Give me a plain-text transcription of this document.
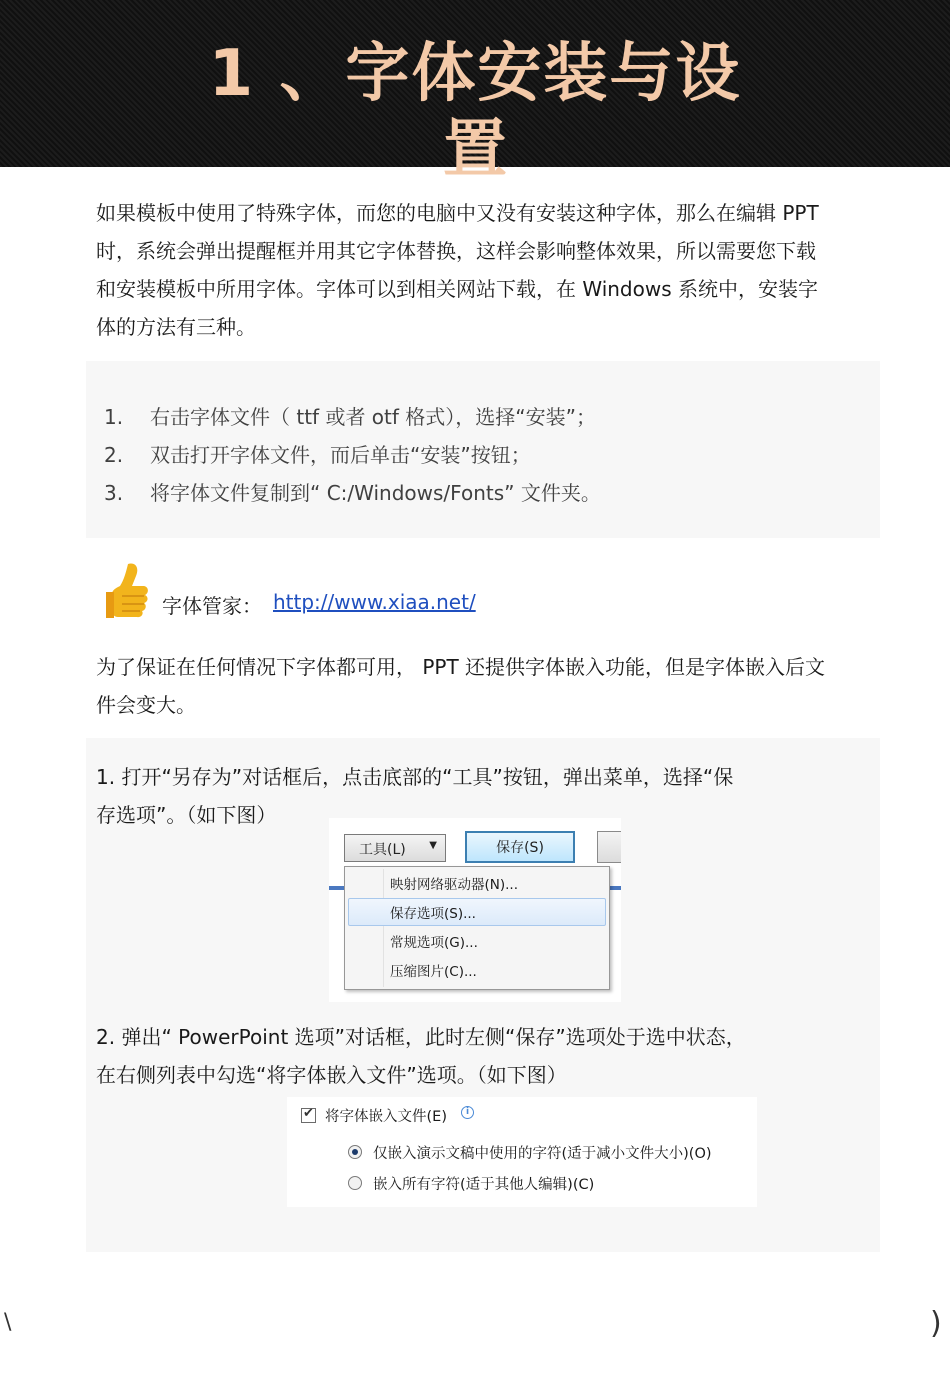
1 、字体安装与设
置
如果模板中使用了特殊字体，而您的电脑中又没有安装这种字体，那么在编辑 PPT
时，系统会弹出提醒框并用其它字体替换，这样会影响整体效果，所以需要您下载
和安装模板中所用字体。字体可以到相关网站下载，在 Windows 系统中，安装字
体的方法有三种。
1. 右击字体文件（ ttf 或者 otf 格式），选择“安装”；
2. 双击打开字体文件，而后单击“安装”按钮；
3. 将字体文件复制到“ C:/Windows/Fonts” 文件夹。
字体管家： http://www.xiaa.net/
为了保证在任何情况下字体都可用， PPT 还提供字体嵌入功能，但是字体嵌入后文
件会变大。
1. 打开“另存为”对话框后，点击底部的“工具”按钮，弹出菜单，选择“保
存选项”。（如下图）
工具(L) ▼	保存(S)
映射网络驱动器(N)...
保存选项(S)...
常规选项(G)...
压缩图片(C)...
2. 弹出“ PowerPoint 选项”对话框，此时左侧“保存”选项处于选中状态，
在右侧列表中勾选“将字体嵌入文件”选项。（如下图）
✔ 将字体嵌入文件(E)	i
仅嵌入演示文稿中使用的字符(适于减小文件大小)(O)
嵌入所有字符(适于其他人编辑)(C)
\	)
